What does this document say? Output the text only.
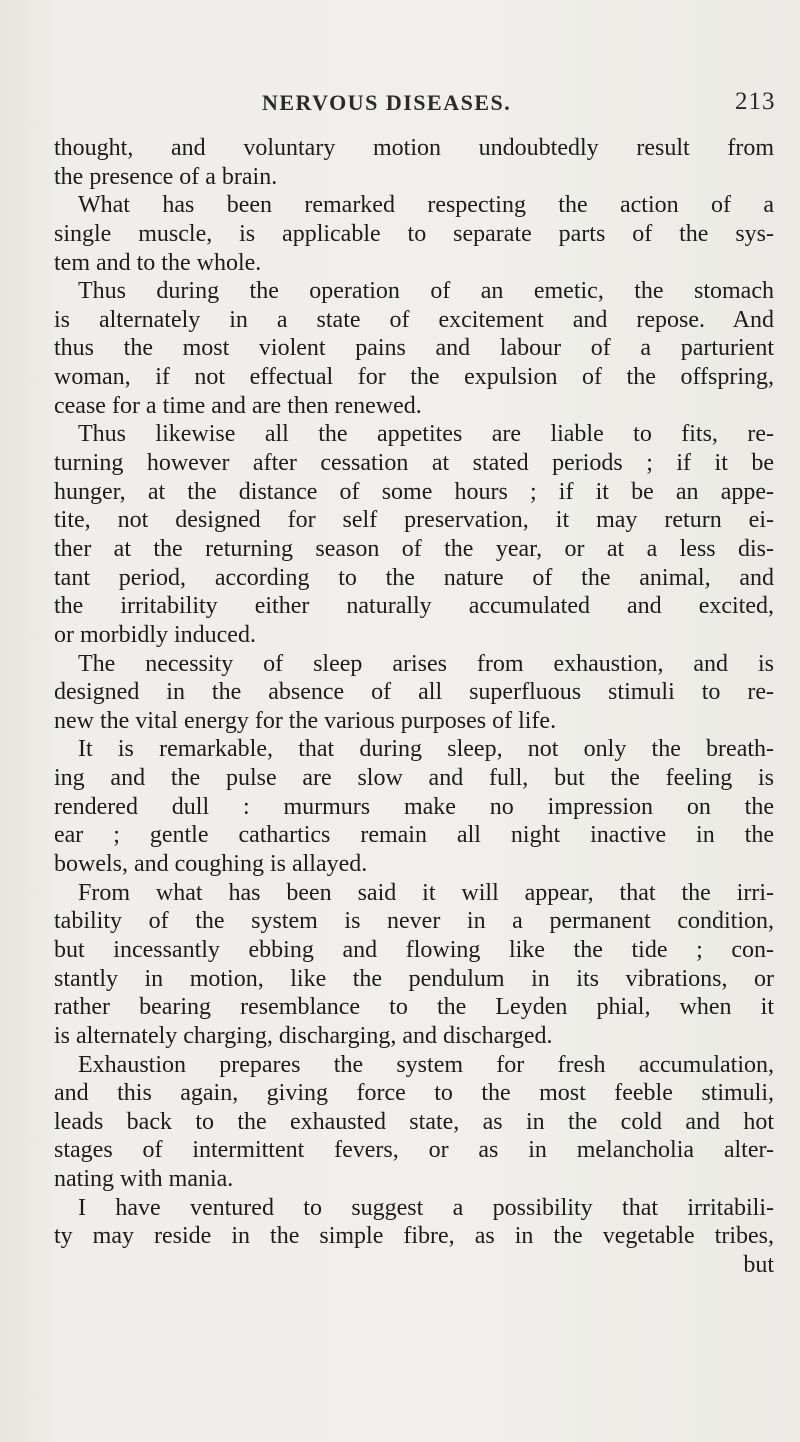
NERVOUS DISEASES.	213
thought, and voluntary motion undoubtedly result from
the presence of a brain.
What has been remarked respecting the action of a
single muscle, is applicable to separate parts of the sys-
tem and to the whole.
Thus during the operation of an emetic, the stomach
is alternately in a state of excitement and repose. And
thus the most violent pains and labour of a parturient
woman, if not effectual for the expulsion of the offspring,
cease for a time and are then renewed.
Thus likewise all the appetites are liable to fits, re-
turning however after cessation at stated periods ; if it be
hunger, at the distance of some hours ; if it be an appe-
tite, not designed for self preservation, it may return ei-
ther at the returning season of the year, or at a less dis-
tant period, according to the nature of the animal, and
the irritability either naturally accumulated and excited,
or morbidly induced.
The necessity of sleep arises from exhaustion, and is
designed in the absence of all superfluous stimuli to re-
new the vital energy for the various purposes of life.
It is remarkable, that during sleep, not only the breath-
ing and the pulse are slow and full, but the feeling is
rendered dull : murmurs make no impression on the
ear ; gentle cathartics remain all night inactive in the
bowels, and coughing is allayed.
From what has been said it will appear, that the irri-
tability of the system is never in a permanent condition,
but incessantly ebbing and flowing like the tide ; con-
stantly in motion, like the pendulum in its vibrations, or
rather bearing resemblance to the Leyden phial, when it
is alternately charging, discharging, and discharged.
Exhaustion prepares the system for fresh accumulation,
and this again, giving force to the most feeble stimuli,
leads back to the exhausted state, as in the cold and hot
stages of intermittent fevers, or as in melancholia alter-
nating with mania.
I have ventured to suggest a possibility that irritabili-
ty may reside in the simple fibre, as in the vegetable tribes,
but
